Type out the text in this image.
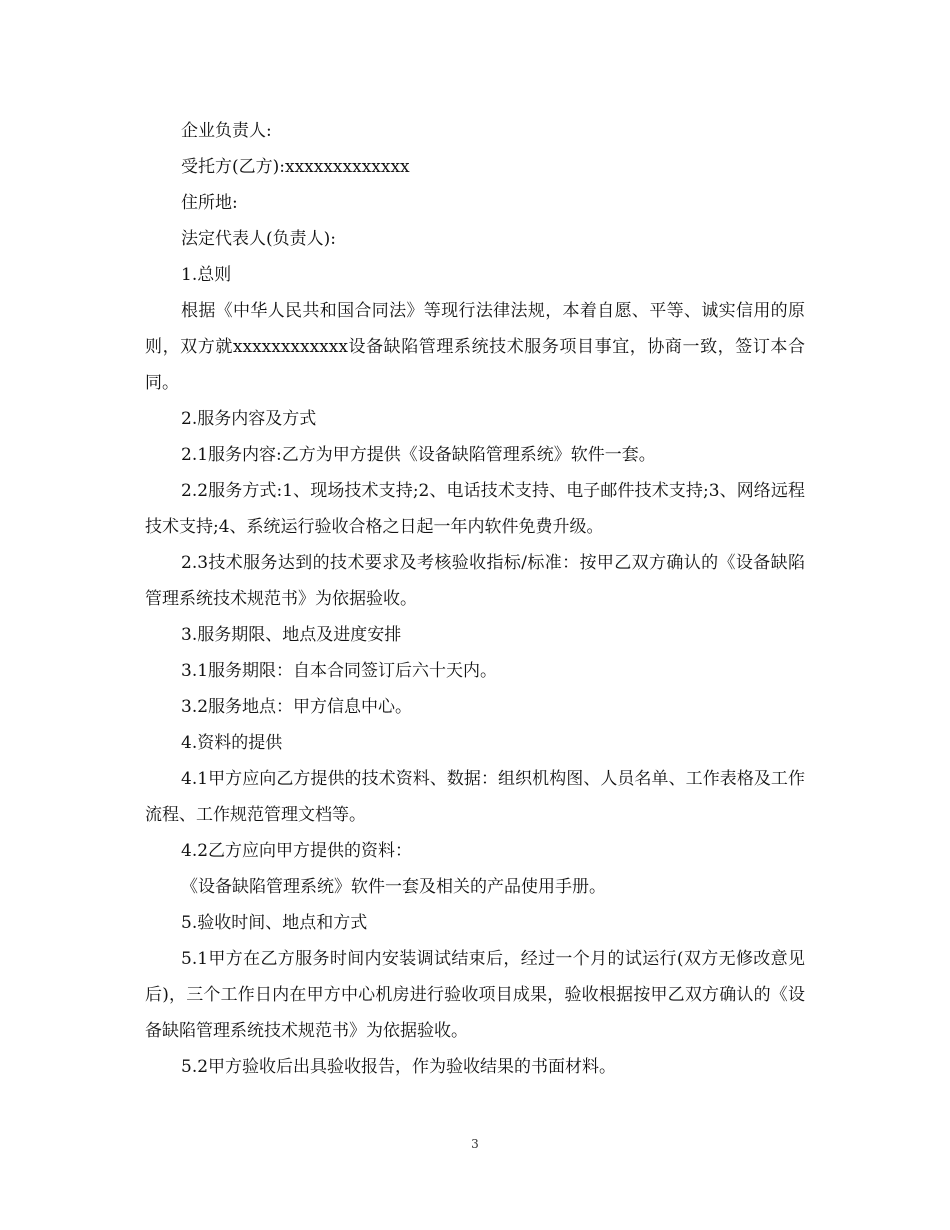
企业负责人:

受托方(乙方):xxxxxxxxxxxxx

住所地:

法定代表人(负责人):

1.总则

根据《中华人民共和国合同法》等现行法律法规，本着自愿、平等、诚实信用的原则，双方就xxxxxxxxxxxx设备缺陷管理系统技术服务项目事宜，协商一致，签订本合同。

2.服务内容及方式

2.1服务内容:乙方为甲方提供《设备缺陷管理系统》软件一套。

2.2服务方式:1、现场技术支持;2、电话技术支持、电子邮件技术支持;3、网络远程技术支持;4、系统运行验收合格之日起一年内软件免费升级。

2.3技术服务达到的技术要求及考核验收指标/标准：按甲乙双方确认的《设备缺陷管理系统技术规范书》为依据验收。

3.服务期限、地点及进度安排

3.1服务期限：自本合同签订后六十天内。

3.2服务地点：甲方信息中心。

4.资料的提供

4.1甲方应向乙方提供的技术资料、数据：组织机构图、人员名单、工作表格及工作流程、工作规范管理文档等。

4.2乙方应向甲方提供的资料：

《设备缺陷管理系统》软件一套及相关的产品使用手册。

5.验收时间、地点和方式

5.1甲方在乙方服务时间内安装调试结束后，经过一个月的试运行(双方无修改意见后)，三个工作日内在甲方中心机房进行验收项目成果，验收根据按甲乙双方确认的《设备缺陷管理系统技术规范书》为依据验收。

5.2甲方验收后出具验收报告，作为验收结果的书面材料。

3
